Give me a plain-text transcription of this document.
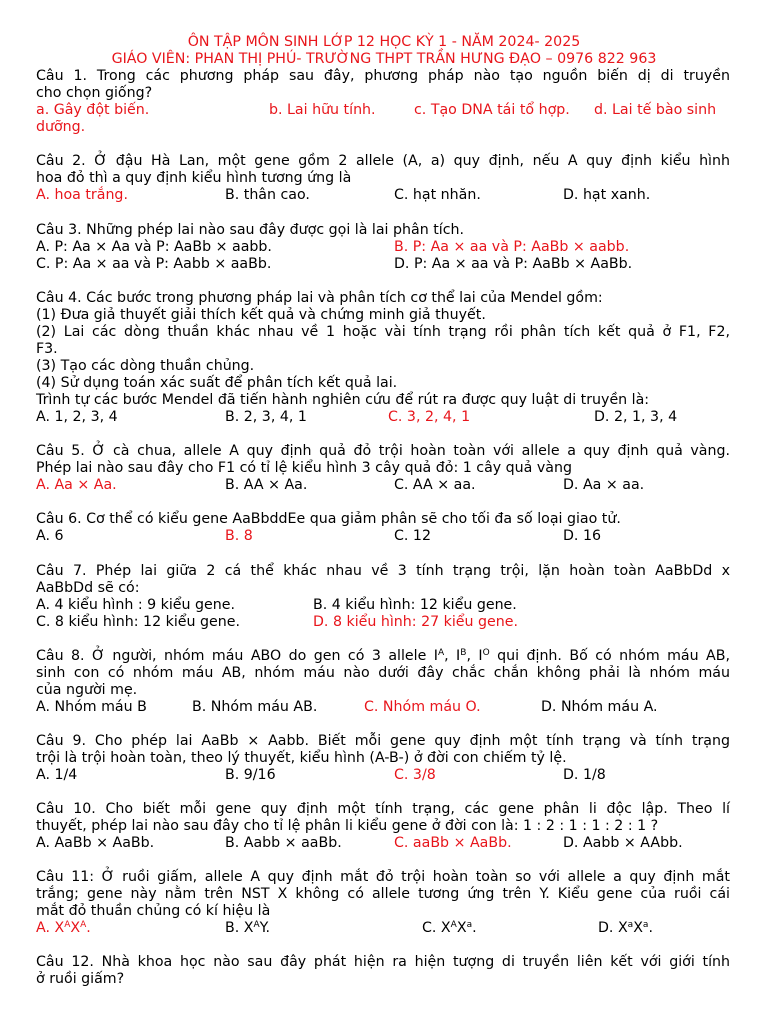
ÔN TẬP MÔN SINH LỚP 12 HỌC KỲ 1 - NĂM 2024- 2025
GIÁO VIÊN: PHAN THỊ PHÚ- TRƯỜNG THPT TRẦN HƯNG ĐẠO – 0976 822 963
Câu 1. Trong các phương pháp sau đây, phương pháp nào tạo nguồn biến dị di truyền
cho chọn giống?
a. Gây đột biến.	b. Lai hữu tính.	c. Tạo DNA tái tổ hợp. d. Lai tế bào sinh
dưỡng.
Câu 2. Ở đậu Hà Lan, một gene gồm 2 allele (A, a) quy định, nếu A quy định kiểu hình
hoa đỏ thì a quy định kiểu hình tương ứng là
A. hoa trắng.	B. thân cao.	C. hạt nhăn.	D. hạt xanh.
Câu 3. Những phép lai nào sau đây được gọi là lai phân tích.
A. P: Aa × Aa và P: AaBb × aabb.	B. P: Aa × aa và P: AaBb × aabb.
C. P: Aa × aa và P: Aabb × aaBb.	D. P: Aa × aa và P: AaBb × AaBb.
Câu 4. Các bước trong phương pháp lai và phân tích cơ thể lai của Mendel gồm:
(1) Đưa giả thuyết giải thích kết quả và chứng minh giả thuyết.
(2) Lai các dòng thuần khác nhau về 1 hoặc vài tính trạng rồi phân tích kết quả ở F1, F2,
F3.
(3) Tạo các dòng thuần chủng.
(4) Sử dụng toán xác suất để phân tích kết quả lai.
Trình tự các bước Mendel đã tiến hành nghiên cứu để rút ra được quy luật di truyền là:
A. 1, 2, 3, 4	B. 2, 3, 4, 1	C. 3, 2, 4, 1	D. 2, 1, 3, 4
Câu 5. Ở cà chua, allele A quy định quả đỏ trội hoàn toàn với allele a quy định quả vàng.
Phép lai nào sau đây cho F1 có tỉ lệ kiểu hình 3 cây quả đỏ: 1 cây quả vàng
A. Aa × Aa.	B. AA × Aa.	C. AA × aa.	D. Aa × aa.
Câu 6. Cơ thể có kiểu gene AaBbddEe qua giảm phân sẽ cho tối đa số loại giao tử.
A. 6	B. 8	C. 12	D. 16
Câu 7. Phép lai giữa 2 cá thể khác nhau về 3 tính trạng trội, lặn hoàn toàn AaBbDd x
AaBbDd sẽ có:
A. 4 kiểu hình : 9 kiểu gene.	B. 4 kiểu hình: 12 kiểu gene.
C. 8 kiểu hình: 12 kiểu gene.	D. 8 kiểu hình: 27 kiểu gene.
Câu 8. Ở người, nhóm máu ABO do gen có 3 allele $I^A$, $I^B$, $I^O$ qui định. Bố có nhóm máu AB,
sinh con có nhóm máu AB, nhóm máu nào dưới đây chắc chắn không phải là nhóm máu
của người mẹ.
A. Nhóm máu B	B. Nhóm máu AB.	C. Nhóm máu O.	D. Nhóm máu A.
Câu 9. Cho phép lai AaBb × Aabb. Biết mỗi gene quy định một tính trạng và tính trạng
trội là trội hoàn toàn, theo lý thuyết, kiểu hình (A-B-) ở đời con chiếm tỷ lệ.
A. 1/4	B. 9/16	C. 3/8	D. 1/8
Câu 10. Cho biết mỗi gene quy định một tính trạng, các gene phân li độc lập. Theo lí
thuyết, phép lai nào sau đây cho tỉ lệ phân li kiểu gene ở đời con là: 1 : 2 : 1 : 1 : 2 : 1 ?
A. AaBb × AaBb.	B. Aabb × aaBb.	C. aaBb × AaBb.	D. Aabb × AAbb.
Câu 11: Ở ruồi giấm, allele A quy định mắt đỏ trội hoàn toàn so với allele a quy định mắt
trắng; gene này nằm trên NST X không có allele tương ứng trên Y. Kiểu gene của ruồi cái
mắt đỏ thuần chủng có kí hiệu là
A. $X^AX^A$.	B. $X^AY$.	C. $X^AX^a$.	D. $X^aX^a$.
Câu 12. Nhà khoa học nào sau đây phát hiện ra hiện tượng di truyền liên kết với giới tính
ở ruồi giấm?
